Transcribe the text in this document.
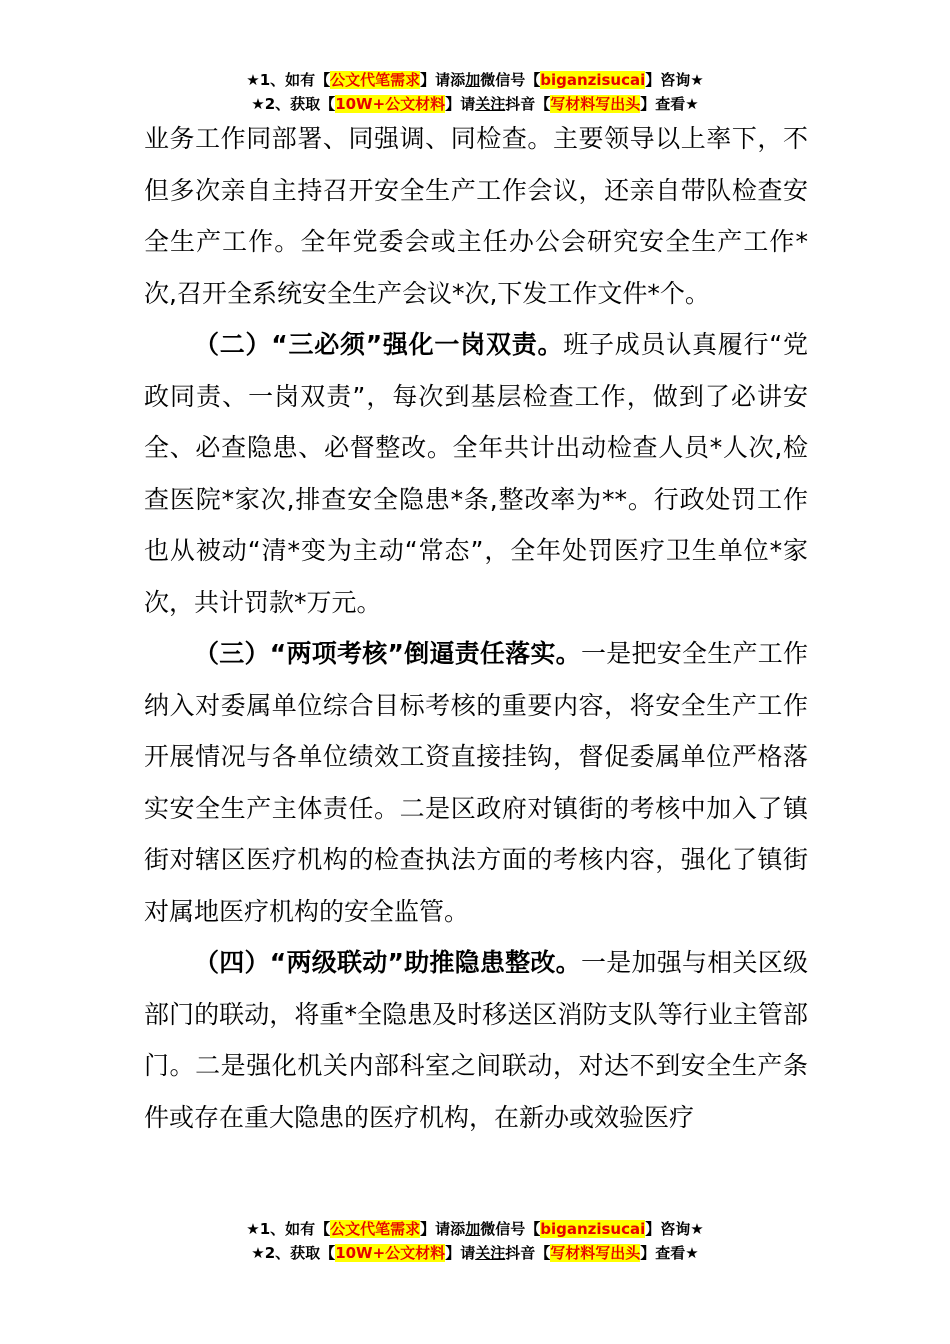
★1、如有【公文代笔需求】请添加微信号【biganzisucai】咨询★
★2、获取【10W+公文材料】请关注抖音【写材料写出头】查看★

业务工作同部署、同强调、同检查。主要领导以上率下，不但多次亲自主持召开安全生产工作会议，还亲自带队检查安全生产工作。全年党委会或主任办公会研究安全生产工作*次,召开全系统安全生产会议*次,下发工作文件*个。

（二）“三必须”强化一岗双责。班子成员认真履行“党政同责、一岗双责”，每次到基层检查工作，做到了必讲安全、必查隐患、必督整改。全年共计出动检查人员*人次,检查医院*家次,排查安全隐患*条,整改率为**。行政处罚工作也从被动“清*变为主动“常态”，全年处罚医疗卫生单位*家次，共计罚款*万元。

（三）“两项考核”倒逼责任落实。一是把安全生产工作纳入对委属单位综合目标考核的重要内容，将安全生产工作开展情况与各单位绩效工资直接挂钩，督促委属单位严格落实安全生产主体责任。二是区政府对镇街的考核中加入了镇街对辖区医疗机构的检查执法方面的考核内容，强化了镇街对属地医疗机构的安全监管。

（四）“两级联动”助推隐患整改。一是加强与相关区级部门的联动，将重*全隐患及时移送区消防支队等行业主管部门。二是强化机关内部科室之间联动，对达不到安全生产条件或存在重大隐患的医疗机构，在新办或效验医疗

★1、如有【公文代笔需求】请添加微信号【biganzisucai】咨询★
★2、获取【10W+公文材料】请关注抖音【写材料写出头】查看★
